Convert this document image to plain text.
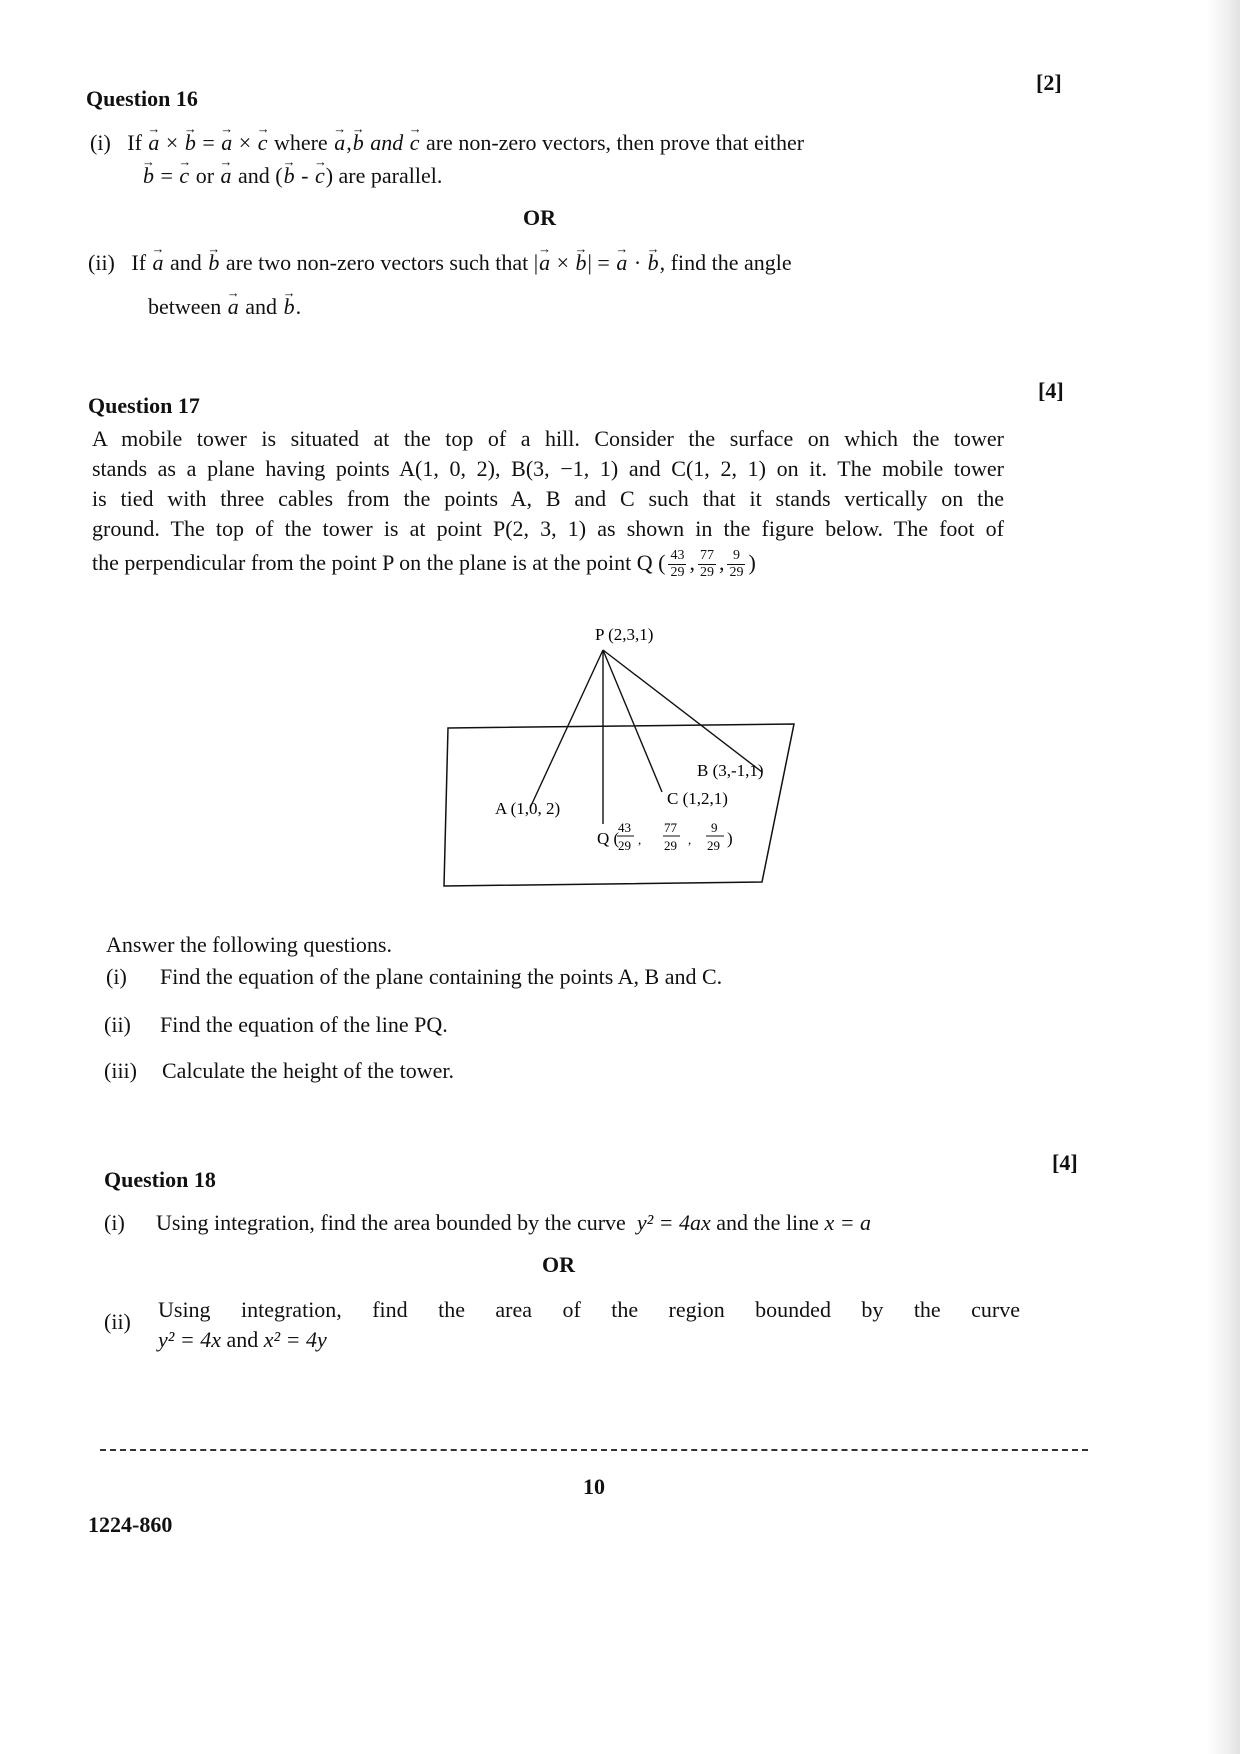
Question 16
[2]
(i) If → a × → b = → a × → c where → a,→ b and → c are non-zero vectors, then prove that either
→ b = → c or → a and (→ b - → c) are parallel.
OR
(ii) If → a and → b are two non-zero vectors such that |→ a × → b| = → a · → b, find the angle
between → a and → b.
[4]
Question 17
A mobile tower is situated at the top of a hill. Consider the surface on which the tower
stands as a plane having points A(1, 0, 2), B(3, −1, 1) and C(1, 2, 1) on it. The mobile tower
is tied with three cables from the points A, B and C such that it stands vertically on the
ground. The top of the tower is at point P(2, 3, 1) as shown in the figure below. The foot of
the perpendicular from the point P on the plane is at the point Q ( $\frac{43}{29}$ , $\frac{77}{29}$ , $\frac{9}{29}$ )
P (2,3,1)
B (3,-1,1)
C (1,2,1)
A (1,0, 2)
Q (
43
29 ,
77
29 ,
9
29 )
Answer the following questions.
(i) Find the equation of the plane containing the points A, B and C.
(ii) Find the equation of the line PQ.
(iii) Calculate the height of the tower.
[4]
Question 18
(i) Using integration, find the area bounded by the curve y² = 4ax and the line x = a
OR
(ii)	Using integration, find the area of the region bounded by the curve
y² = 4x and x² = 4y
10
1224-860
